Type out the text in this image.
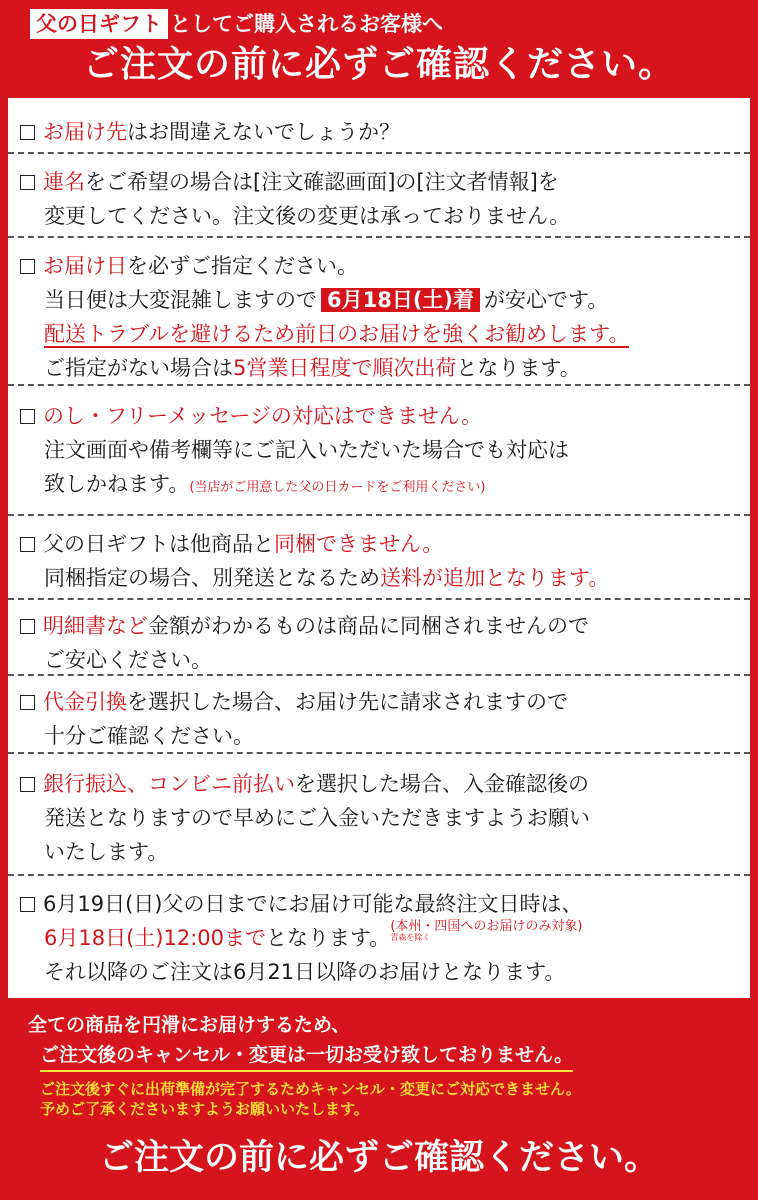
父の日ギフト としてご購入されるお客様へ
ご注文の前に必ずご確認ください。
お届け先はお間違えないでしょうか？
連名をご希望の場合は[注文確認画面]の[注文者情報]を
変更してください。注文後の変更は承っておりません。
お届け日を必ずご指定ください。
当日便は大変混雑しますので 6月18日(土)着 が安心です。
配送トラブルを避けるため前日のお届けを強くお勧めします。
ご指定がない場合は5営業日程度で順次出荷となります。
のし・フリーメッセージの対応はできません。
注文画面や備考欄等にご記入いただいた場合でも対応は
致しかねます。(当店がご用意した父の日カードをご利用ください)
父の日ギフトは他商品と同梱できません。
同梱指定の場合、別発送となるため送料が追加となります。
明細書など金額がわかるものは商品に同梱されませんので
ご安心ください。
代金引換を選択した場合、お届け先に請求されますので
十分ご確認ください。
銀行振込、コンビニ前払いを選択した場合、入金確認後の
発送となりますので早めにご入金いただきますようお願い
いたします。
6月19日(日)父の日までにお届け可能な最終注文日時は、
6月18日(土)12:00までとなります。 (本州・四国へのお届けのみ対象)
青森を除く
それ以降のご注文は6月21日以降のお届けとなります。
全ての商品を円滑にお届けするため、
ご注文後のキャンセル・変更は一切お受け致しておりません。
ご注文後すぐに出荷準備が完了するためキャンセル・変更にご対応できません。
予めご了承くださいますようお願いいたします。
ご注文の前に必ずご確認ください。
